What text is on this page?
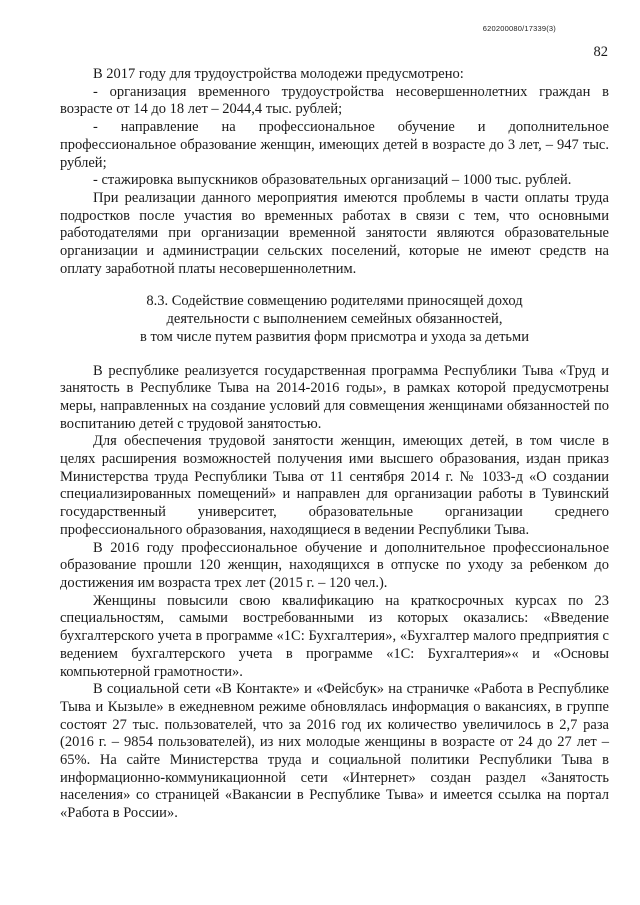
620200080/17339(3)
82

В 2017 году для трудоустройства молодежи предусмотрено:

- организация временного трудоустройства несовершеннолетних граждан в возрасте от 14 до 18 лет – 2044,4 тыс. рублей;

- направление на профессиональное обучение и дополнительное профессиональное образование женщин, имеющих детей в возрасте до 3 лет, – 947 тыс. рублей;

- стажировка выпускников образовательных организаций – 1000 тыс. рублей.

При реализации данного мероприятия имеются проблемы в части оплаты труда подростков после участия во временных работах в связи с тем, что основными работодателями при организации временной занятости являются образовательные организации и администрации сельских поселений, которые не имеют средств на оплату заработной платы несовершеннолетним.

8.3. Содействие совмещению родителями приносящей доход
деятельности с выполнением семейных обязанностей,
в том числе путем развития форм присмотра и ухода за детьми

В республике реализуется государственная программа Республики Тыва «Труд и занятость в Республике Тыва на 2014-2016 годы», в рамках которой предусмотрены меры, направленных на создание условий для совмещения женщинами обязанностей по воспитанию детей с трудовой занятостью.

Для обеспечения трудовой занятости женщин, имеющих детей, в том числе в целях расширения возможностей получения ими высшего образования, издан приказ Министерства труда Республики Тыва от 11 сентября 2014 г. № 1033-д «О создании специализированных помещений» и направлен для организации работы в Тувинский государственный университет, образовательные организации среднего профессионального образования, находящиеся в ведении Республики Тыва.

В 2016 году профессиональное обучение и дополнительное профессиональное образование прошли 120 женщин, находящихся в отпуске по уходу за ребенком до достижения им возраста трех лет (2015 г. – 120 чел.).

Женщины повысили свою квалификацию на краткосрочных курсах по 23 специальностям, самыми востребованными из которых оказались: «Введение бухгалтерского учета в программе «1С: Бухгалтерия», «Бухгалтер малого предприятия с ведением бухгалтерского учета в программе «1С: Бухгалтерия»« и «Основы компьютерной грамотности».

В социальной сети «В Контакте» и «Фейсбук» на страничке «Работа в Республике Тыва и Кызыле» в ежедневном режиме обновлялась информация о вакансиях, в группе состоят 27 тыс. пользователей, что за 2016 год их количество увеличилось в 2,7 раза (2016 г. – 9854 пользователей), из них молодые женщины в возрасте от 24 до 27 лет – 65%. На сайте Министерства труда и социальной политики Республики Тыва в информационно-коммуникационной сети «Интернет» создан раздел «Занятость населения» со страницей «Вакансии в Республике Тыва» и имеется ссылка на портал «Работа в России».
